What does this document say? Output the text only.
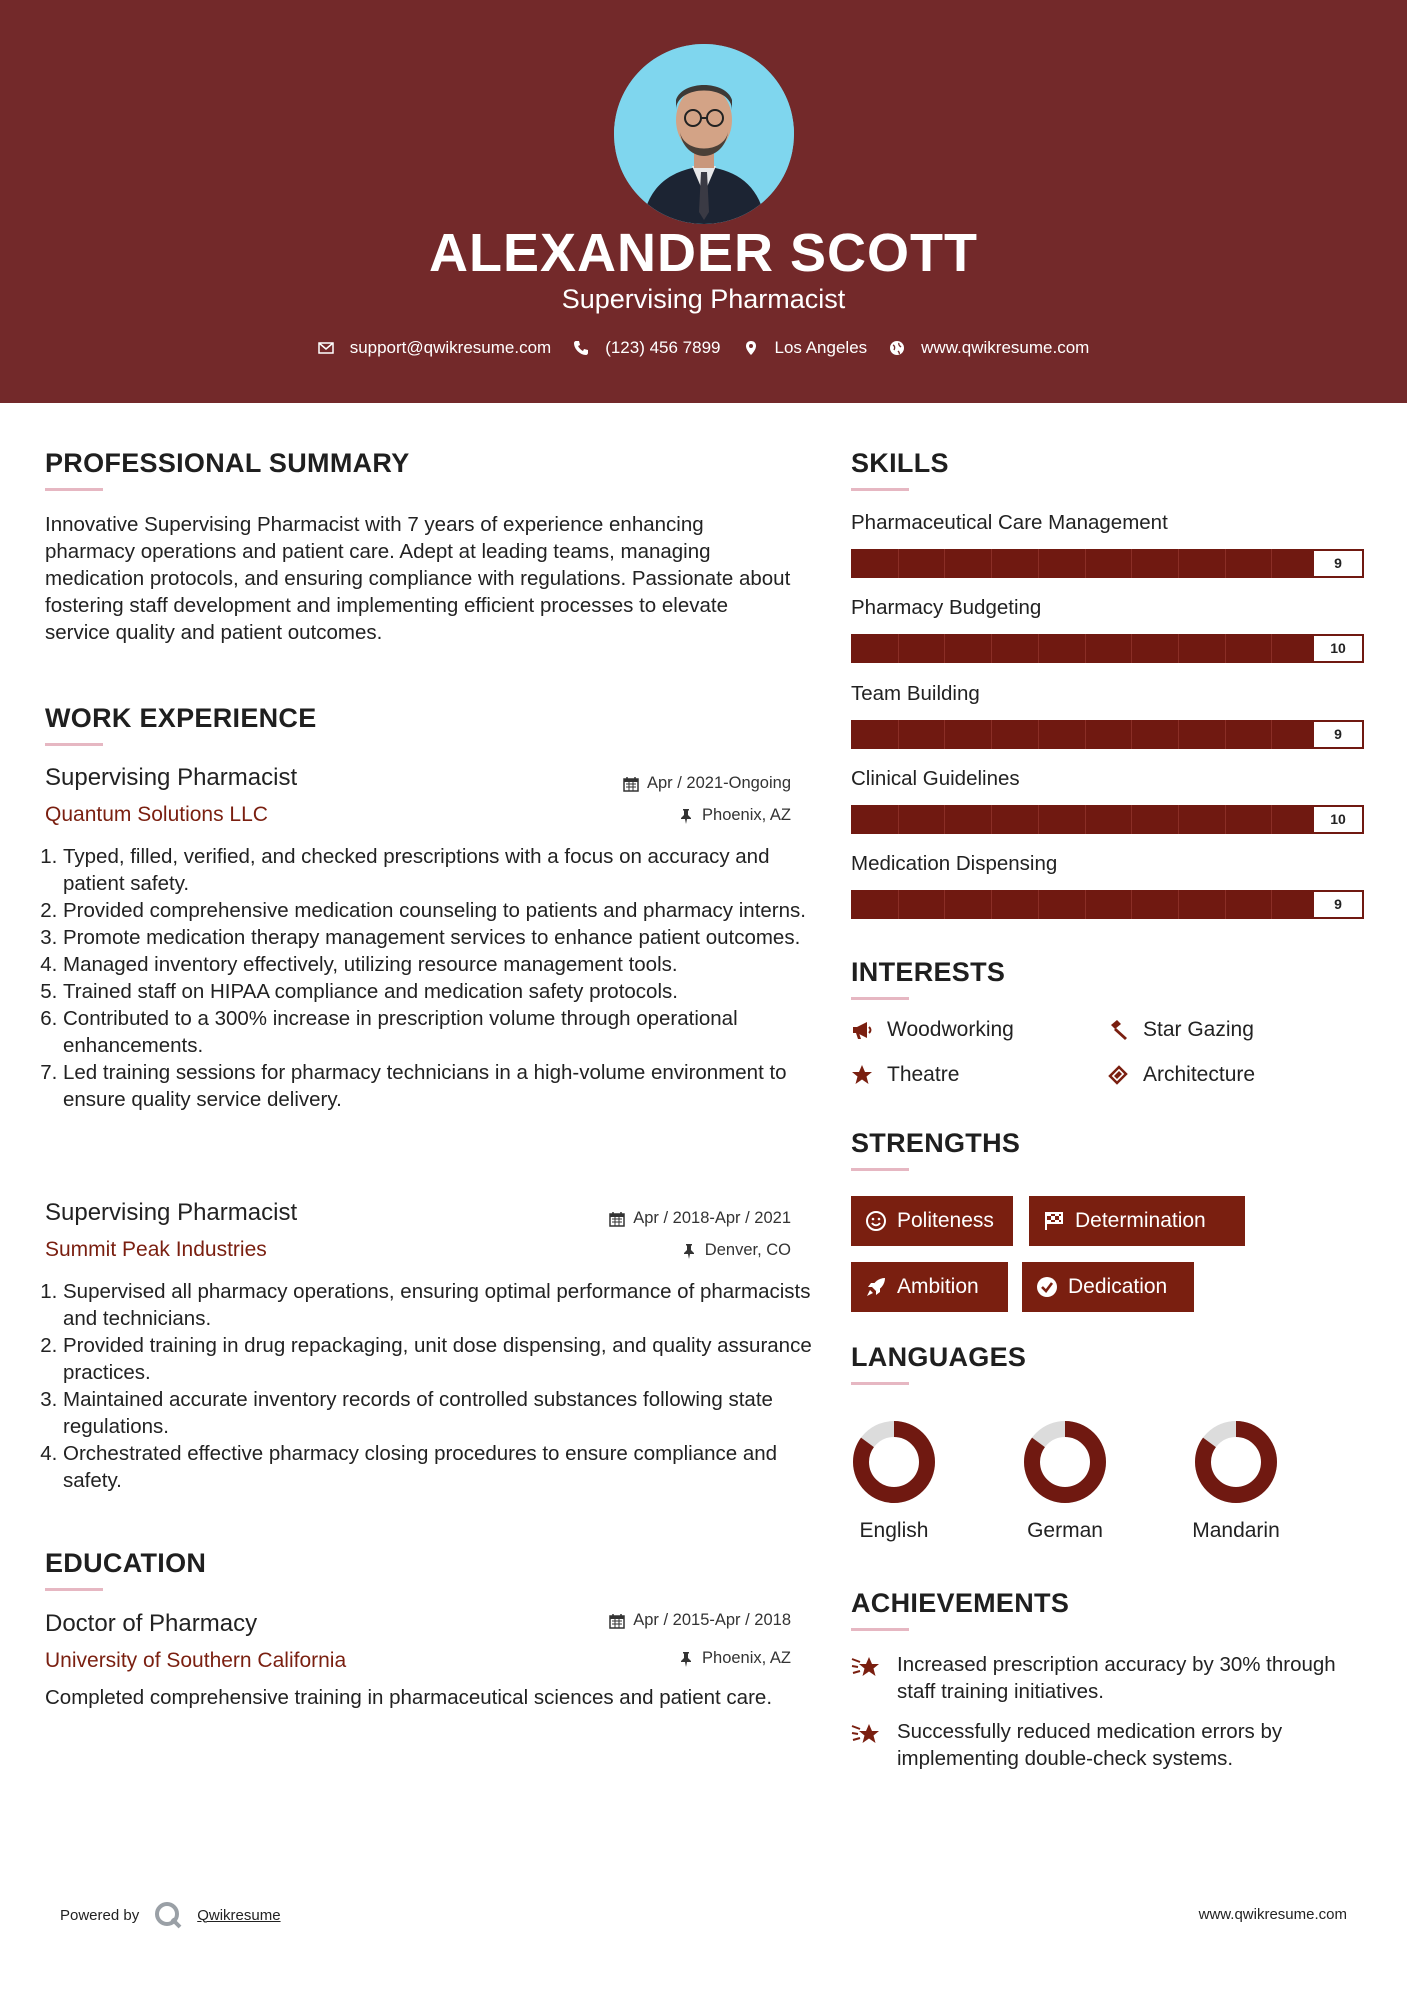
ALEXANDER SCOTT
Supervising Pharmacist
support@qwikresume.com	(123) 456 7899	Los Angeles	www.qwikresume.com
PROFESSIONAL SUMMARY
Innovative Supervising Pharmacist with 7 years of experience enhancing pharmacy operations and patient care. Adept at leading teams, managing medication protocols, and ensuring compliance with regulations. Passionate about fostering staff development and implementing efficient processes to elevate service quality and patient outcomes.
WORK EXPERIENCE
Supervising Pharmacist
Quantum Solutions LLC
Apr / 2021-Ongoing
Phoenix, AZ
1. Typed, filled, verified, and checked prescriptions with a focus on accuracy and patient safety.
2. Provided comprehensive medication counseling to patients and pharmacy interns.
3. Promote medication therapy management services to enhance patient outcomes.
4. Managed inventory effectively, utilizing resource management tools.
5. Trained staff on HIPAA compliance and medication safety protocols.
6. Contributed to a 300% increase in prescription volume through operational enhancements.
7. Led training sessions for pharmacy technicians in a high-volume environment to ensure quality service delivery.
Supervising Pharmacist
Summit Peak Industries
Apr / 2018-Apr / 2021
Denver, CO
1. Supervised all pharmacy operations, ensuring optimal performance of pharmacists and technicians.
2. Provided training in drug repackaging, unit dose dispensing, and quality assurance practices.
3. Maintained accurate inventory records of controlled substances following state regulations.
4. Orchestrated effective pharmacy closing procedures to ensure compliance and safety.
EDUCATION
Doctor of Pharmacy
University of Southern California
Apr / 2015-Apr / 2018
Phoenix, AZ
Completed comprehensive training in pharmaceutical sciences and patient care.
SKILLS
Pharmaceutical Care Management
9
Pharmacy Budgeting
10
Team Building
9
Clinical Guidelines
10
Medication Dispensing
9
INTERESTS
Woodworking	Star Gazing
Theatre	Architecture
STRENGTHS
Politeness	Determination
Ambition	Dedication
LANGUAGES
English	German	Mandarin
ACHIEVEMENTS
Increased prescription accuracy by 30% through staff training initiatives.
Successfully reduced medication errors by implementing double-check systems.
Powered by	Qwikresume	www.qwikresume.com
